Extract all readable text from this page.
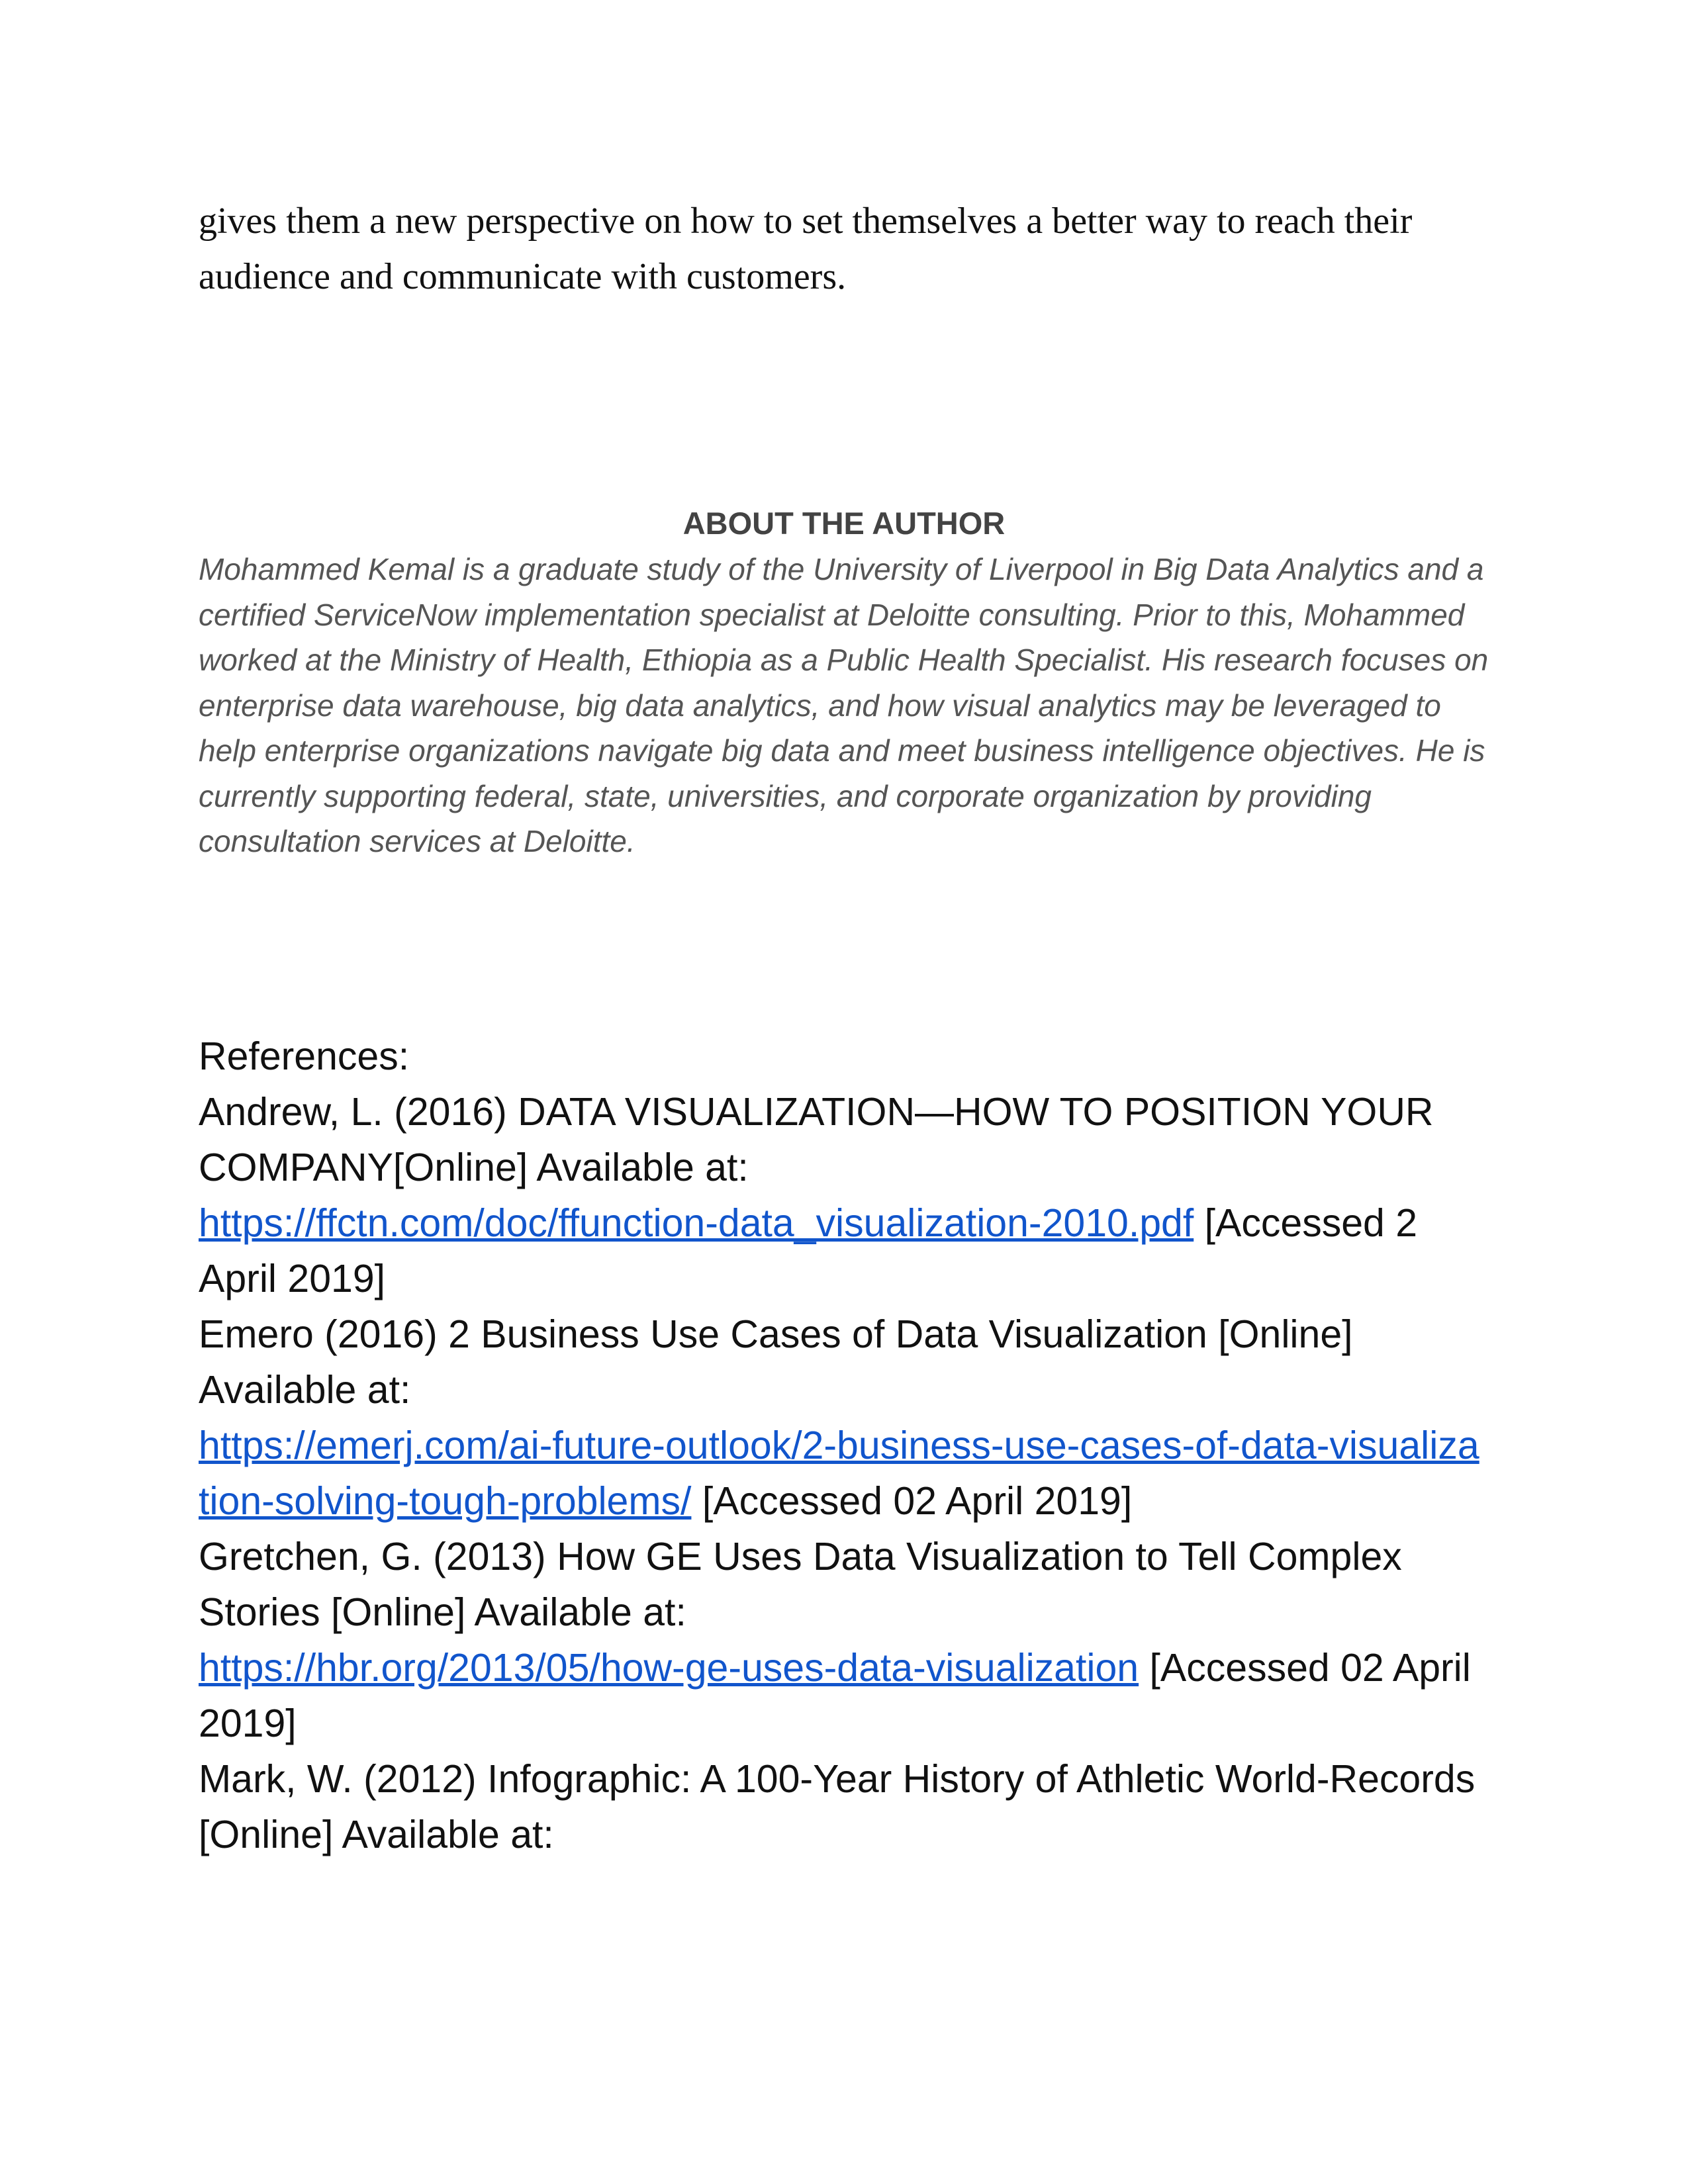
gives them a new perspective on how to set themselves a better way to reach their audience and communicate with customers.

ABOUT THE AUTHOR

Mohammed Kemal is a graduate study of the University of Liverpool in Big Data Analytics and a certified ServiceNow implementation specialist at Deloitte consulting. Prior to this, Mohammed worked at the Ministry of Health, Ethiopia as a Public Health Specialist. His research focuses on enterprise data warehouse, big data analytics, and how visual analytics may be leveraged to help enterprise organizations navigate big data and meet business intelligence objectives. He is currently supporting federal, state, universities, and corporate organization by providing consultation services at Deloitte.

References:

Andrew, L. (2016) DATA VISUALIZATION—HOW TO POSITION YOUR COMPANY[Online] Available at:
https://ffctn.com/doc/ffunction-data_visualization-2010.pdf [Accessed 2 April 2019]

Emero (2016) 2 Business Use Cases of Data Visualization [Online] Available at:
https://emerj.com/ai-future-outlook/2-business-use-cases-of-data-visualization-solving-tough-problems/ [Accessed 02 April 2019]

Gretchen, G. (2013) How GE Uses Data Visualization to Tell Complex Stories [Online] Available at:
https://hbr.org/2013/05/how-ge-uses-data-visualization [Accessed 02 April 2019]

Mark, W. (2012) Infographic: A 100-Year History of Athletic World-Records [Online] Available at:
